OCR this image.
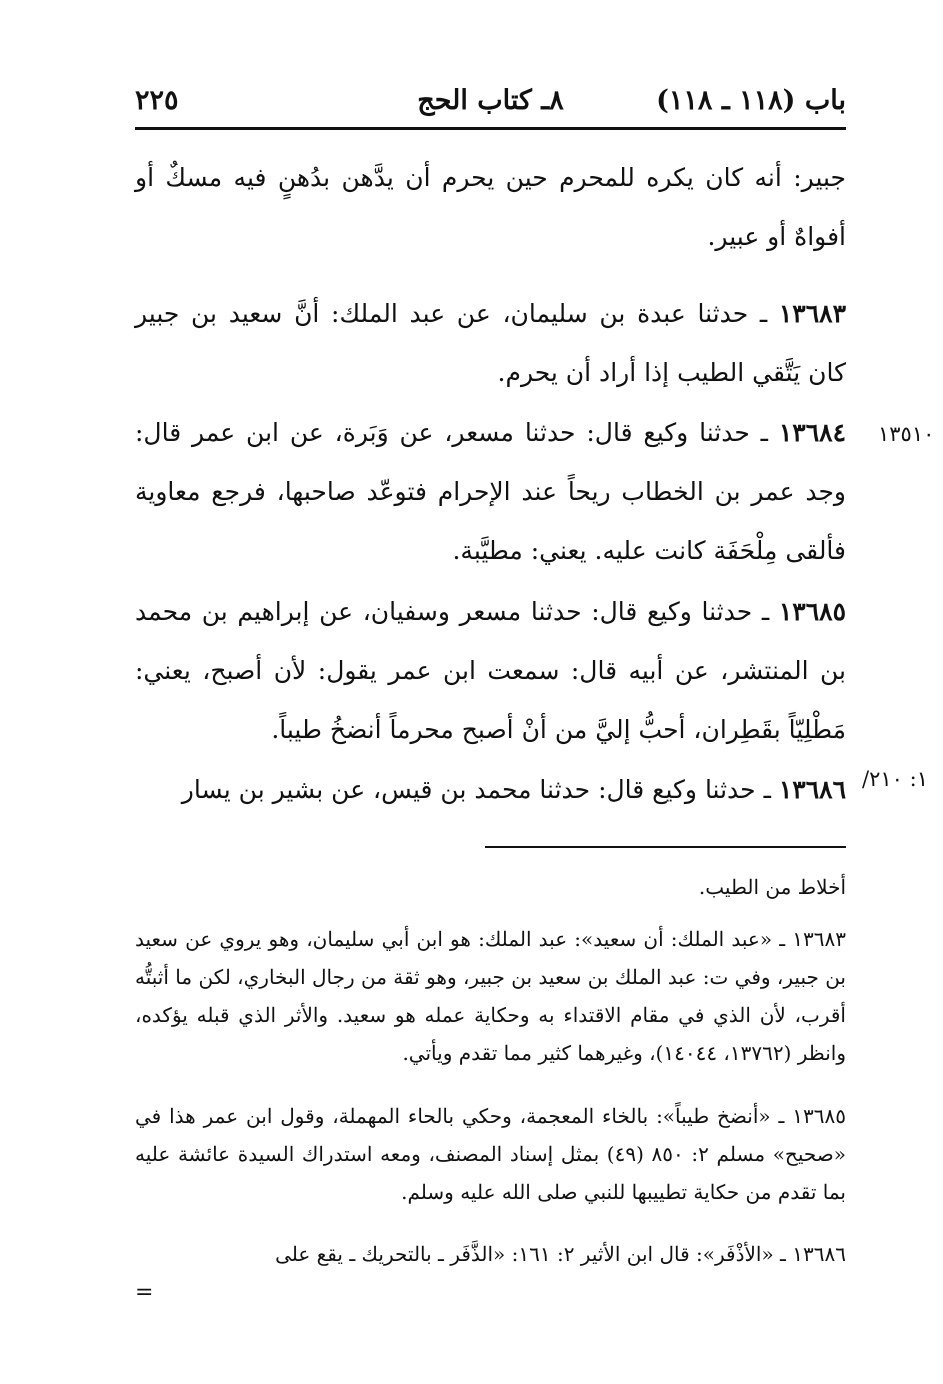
باب (١١٨ ـ ١١٨)
٨ـ كتاب الحج
٢٢٥

جبير: أنه كان يكره للمحرم حين يحرم أن يدَّهن بدُهنٍ فيه مسكٌ أو أفواهٌ أو عبير.

١٣٦٨٣ ـ حدثنا عبدة بن سليمان، عن عبد الملك: أنَّ سعيد بن جبير كان يَتَّقي الطيب إذا أراد أن يحرم.

١٣٦٨٤ ـ حدثنا وكيع قال: حدثنا مسعر، عن وَبَرة، عن ابن عمر قال: وجد عمر بن الخطاب ريحاً عند الإحرام فتوعّد صاحبها، فرجع معاوية فألقى مِلْحَفَة كانت عليه. يعني: مطيَّبة.

١٣٦٨٥ ـ حدثنا وكيع قال: حدثنا مسعر وسفيان، عن إبراهيم بن محمد بن المنتشر، عن أبيه قال: سمعت ابن عمر يقول: لأن أصبح، يعني: مَطْلِيّاً بقَطِران، أحبُّ إليَّ من أنْ أصبح محرماً أنضخُ طيباً.

١٣٦٨٦ ـ حدثنا وكيع قال: حدثنا محمد بن قيس، عن بشير بن يسار

١٣٥١٠
/١: ٢١٠

أخلاط من الطيب.

١٣٦٨٣ ـ «عبد الملك: أن سعيد»: عبد الملك: هو ابن أبي سليمان، وهو يروي عن سعيد بن جبير، وفي ت: عبد الملك بن سعيد بن جبير، وهو ثقة من رجال البخاري، لكن ما أثبتُّه أقرب، لأن الذي في مقام الاقتداء به وحكاية عمله هو سعيد. والأثر الذي قبله يؤكده، وانظر (١٣٧٦٢، ١٤٠٤٤)، وغيرهما كثير مما تقدم ويأتي.

١٣٦٨٥ ـ «أنضخ طيباً»: بالخاء المعجمة، وحكي بالحاء المهملة، وقول ابن عمر هذا في «صحيح» مسلم ٢: ٨٥٠ (٤٩) بمثل إسناد المصنف، ومعه استدراك السيدة عائشة عليه بما تقدم من حكاية تطييبها للنبي صلى الله عليه وسلم.

١٣٦٨٦ ـ «الأذْفَر»: قال ابن الأثير ٢: ١٦١: «الذَّفَر ـ بالتحريك ـ يقع على

=
